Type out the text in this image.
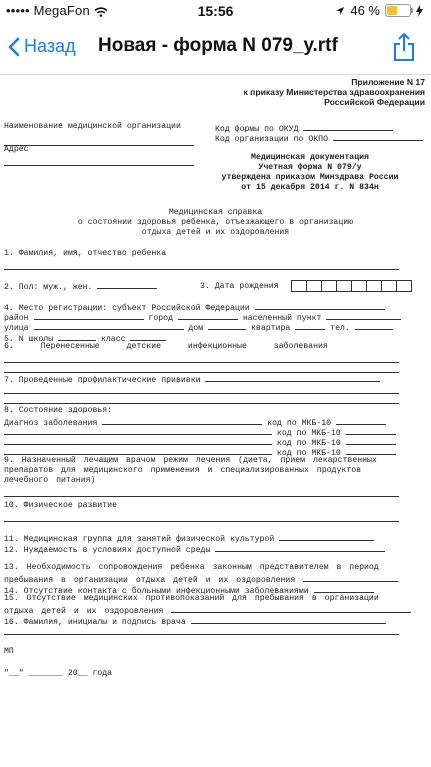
••••• MegaFon	15:56	46 %
Назад Новая - форма N 079_у.rtf
Приложение N 17
к приказу Министерства здравоохранения
Российской Федерации
Наименование медицинской организации	Код формы по ОКУД
Код организации по ОКПО
Адрес
Медицинская документация
Учетная форма N 079/у
утверждена приказом Минздрава России
от 15 декабря 2014 г. N 834н
Медицинская справка
о состоянии здоровья ребенка, отъезжающего в организацию
отдыха детей и их оздоровления
1. Фамилия, имя, отчество ребенка
2. Пол: муж., жен.	3. Дата рождения
4. Место регистрации: субъект Российской Федерации
район	город	населенный пункт
улица	дом	квартира	тел.
5. N школы	класс
6. Перенесенные детские инфекционные заболевания
7. Проведенные профилактические прививки
8. Состояние здоровья:
Диагноз заболевания	код по МКБ-10
код по МКБ-10
код по МКБ-10
код по МКБ-10
9. Назначенный лечащим врачом режим лечения (диета, прием лекарственных
препаратов для медицинского применения и специализированных продуктов
лечебного питания)
10. Физическое развитие
11. Медицинская группа для занятий физической культурой
12. Нуждаемость в условиях доступной среды
13. Необходимость сопровождения ребенка законным представителем в период
пребывания в организации отдыха детей и их оздоровления
14. Отсутствие контакта с больными инфекционными заболеваниями
15. Отсутствие медицинских противопоказаний для пребывания в организации
отдыха детей и их оздоровления
16. Фамилия, инициалы и подпись врача
МП
"__" _______ 20__ года
